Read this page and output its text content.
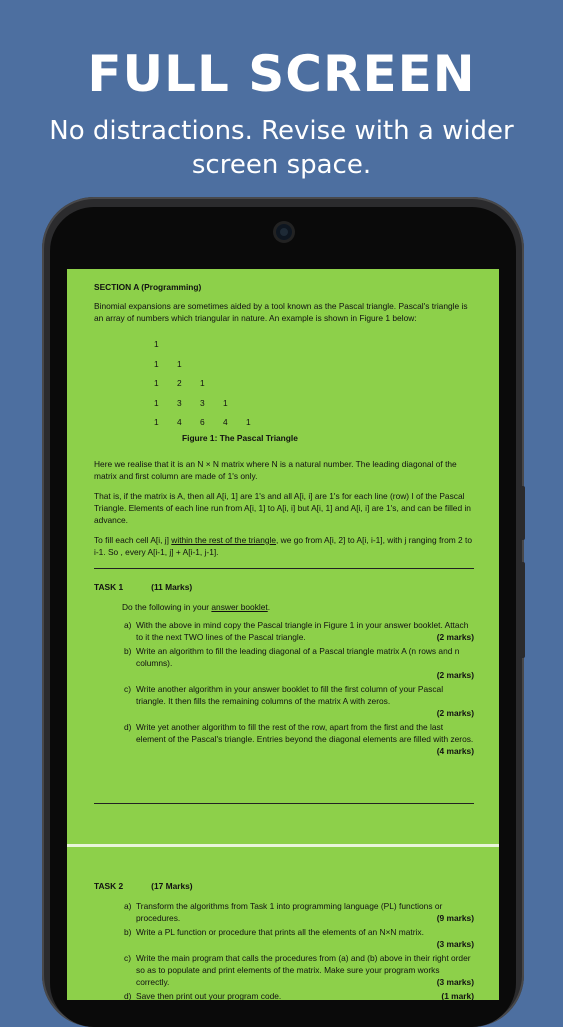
FULL SCREEN
No distractions. Revise with a wider screen space.
SECTION A (Programming)

Binomial expansions are sometimes aided by a tool known as the Pascal triangle. Pascal's triangle is an array of numbers which triangular in nature. An example is shown in Figure 1 below:

1
1	1
1	2	1
1	3	3	1
1	4	6	4	1
Figure 1: The Pascal Triangle

Here we realise that it is an N × N matrix where N is a natural number. The leading diagonal of the matrix and first column are made of 1's only.

That is, if the matrix is A, then all A[i, 1] are 1's and all A[i, i] are 1's for each line (row) I of the Pascal Triangle. Elements of each line run from A[i, 1] to A[i, i] but A[i, 1] and A[i, i] are 1's, and can be filled in advance.

To fill each cell A[i, j] within the rest of the triangle, we go from A[i, 2] to A[i, i-1], with j ranging from 2 to i-1. So , every A[i-1, j] + A[i-1, j-1].

TASK 1	(11 Marks)
Do the following in your answer booklet.
a) With the above in mind copy the Pascal triangle in Figure 1 in your answer booklet. Attach to it the next TWO lines of the Pascal triangle.	(2 marks)
b) Write an algorithm to fill the leading diagonal of a Pascal triangle matrix A (n rows and n columns).
(2 marks)
c) Write another algorithm in your answer booklet to fill the first column of your Pascal triangle. It then fills the remaining columns of the matrix A with zeros.
(2 marks)
d) Write yet another algorithm to fill the rest of the row, apart from the first and the last element of the Pascal's triangle. Entries beyond the diagonal elements are filled with zeros.
(4 marks)
TASK 2	(17 Marks)
a) Transform the algorithms from Task 1 into programming language (PL) functions or procedures.	(9 marks)
b) Write a PL function or procedure that prints all the elements of an N×N matrix.
(3 marks)
c) Write the main program that calls the procedures from (a) and (b) above in their right order so as to populate and print elements of the matrix. Make sure your program works correctly.	(3 marks)
d) Save then print out your program code.	(1 mark)
